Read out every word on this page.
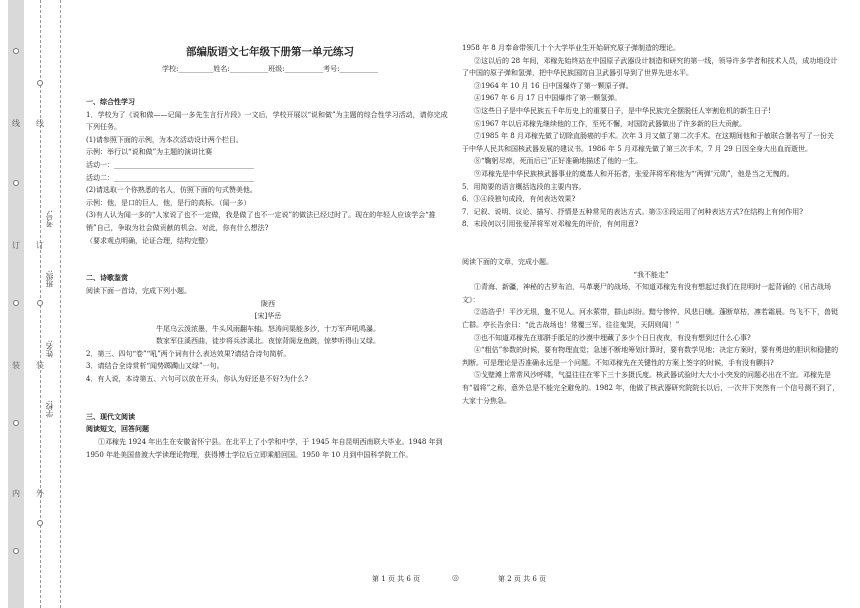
线
订
装
内
线
订
装
外
学校:
姓名:
班级:
考号:
部编版语文七年级下册第一单元练习
学校:__________姓名:___________班级:___________考号:___________

一、综合性学习

1．学校为了《说和做——记闻一多先生言行片段》一文后，学校开展以“说和做”为主题的综合性学习活动，请你完成下列任务。

(1)请参照下面的示例，为本次活动设计两个栏目。

示例：举行以“说和做”为主题的演讲比赛

活动一：________________________________________

活动二：________________________________________

(2)请选取一个你熟悉的名人，仿照下面的句式赞美他。

示例：他，是口的巨人，他，是行的高标。（闻一多）

(3)有人认为闻一多的“人家说了也不一定做，我是做了也不一定说”的做法已经过时了。现在的年轻人应该学会“推销”自己，争取为社会做贡献的机会。对此，你有什么想法?

（要求观点明确，论证合理，结构完整）

二、诗歌鉴赏

阅读下面一首诗，完成下列小题。

陇西

[宋]华岳

牛尾乌云泼浓墨，牛头风雨翻车轴。怒涛问渠能多沙，十万军声吼鸣瀑。

数家军住溪西曲，徒步将兵涉溪北。夜惊背阁龙鱼跳，惊梦听得山又绿。

2．第三、四句“卷”“吼”两个词有什么表达效果?请结合诗句简析。

3．请结合全诗赏析“闻势踯躅山又绿”一句。

4．有人说，本诗第五、六句可以放在开头，你认为好还是不好?为什么?

三、现代文阅读

阅读短文，回答问题

①邓稼先 1924 年出生在安徽省怀宁县。在北平上了小学和中学，于 1945 年自昆明西南联大毕业。1948 年到 1950 年赴美国普渡大学读理论物理，获得博士学位后立即乘船回国。1950 年 10 月到中国科学院工作。

1958 年 8 月奉命带领几十个大学毕业生开始研究原子弹制造的理论。

②这以后的 28 年间，邓稼先始终站在中国原子武器设计制造和研究的第一线，领导许多学者和技术人员，成功地设计了中国的原子弹和氢弹，把中华民族国防自卫武器引导到了世界先进水平。

③1964 年 10 月 16 日中国爆炸了第一颗原子弹。

④1967 年 6 月 17 日中国爆炸了第一颗氢弹。

⑤这些日子是中华民族五千年历史上的重要日子，是中华民族完全摆脱任人宰割危机的新生日子!

⑥1967 年以后邓稼先继续他的工作，至死不懈，对国防武器做出了许多新的巨大贡献。

⑦1985 年 8 月邓稼先做了切除直肠癌的手术。次年 3 月又做了第二次手术。在这期间他和于敏联合署名写了一份关于中华人民共和国核武器发展的建议书。1986 年 5 月邓稼先做了第三次手术，7 月 29 日因全身大出血而逝世。

⑧“鞠躬尽瘁，死而后已”正好准确地描述了他的一生。

⑨邓稼先是中华民族核武器事业的奠基人和开拓者，张爱萍将军称他为“‘两弹’元勋”，他是当之无愧的。

5．用简要的语言概括选段的主要内容。

6．③④段独句成段，有何表达效果?

7．记叙、说明、议论、描写、抒情是五种常见的表达方式。第⑤⑧段运用了何种表达方式?在结构上有何作用?

8．末段何以引用张爱萍将军对邓稼先的评价，有何用意?

阅读下面的文章，完成小题。

“我不能走”

①青海、新疆，神秘的古罗布泊，马革裹尸的战场，不知道邓稼先有没有想起过我们在昆明时一起背诵的《吊古战场文》：

②浩浩乎！平沙无垠，夐不见人。河水萦带，群山纠纷。黯兮惨悴，风悲日曛。蓬断草枯，凛若霜晨。鸟飞不下，兽铤亡群。亭长告余曰：“此古战场也！常覆三军。往往鬼哭，天阴则闻！”

③也不知道邓稼先在那胼手胝足的沙漠中埋藏了多少个日日夜夜，有没有想到过什么心事?

④“粗估”参数的时候，要有物理直觉；急速不断地筹划计算时，要有数学见地；决定方案时，要有勇进的胆识和稳健的判断。可是理论是否准确永远是一个问题。不知邓稼先在关键性的方案上签字的时候，手有没有颤抖?

⑤戈壁滩上常常风沙呼啸，气温往往在零下三十多摄氏度。核武器试验时大大小小突发的问题必出在不宜。邓稼先是有“福将”之称，意外总是不能完全避免的。1982 年，他做了核武器研究院院长以后，一次井下突然有一个信号测不到了，大家十分焦急。

第 1 页 共 6 页	◎	第 2 页 共 6 页
